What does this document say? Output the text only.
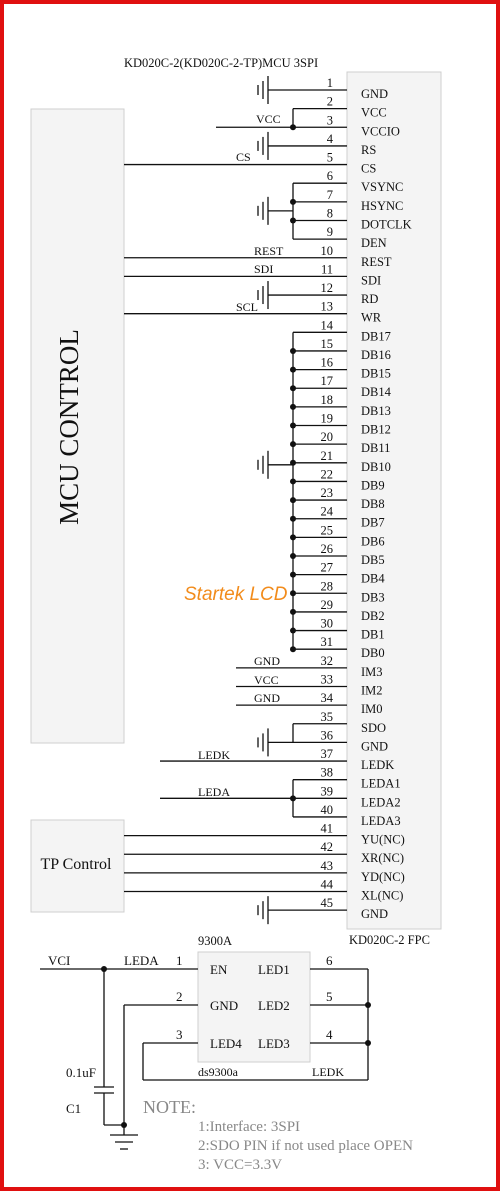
KD020C-2(KD020C-2-TP)MCU 3SPI
MCU CONTROL
TP Control
KD020C-2 FPC
1
GND
2
VCC
3
VCCIO
4
RS
5
CS
6
VSYNC
7
HSYNC
8
DOTCLK
9
DEN
10
REST
11
SDI
12
RD
13
WR
14
DB17
15
DB16
16
DB15
17
DB14
18
DB13
19
DB12
20
DB11
21
DB10
22
DB9
23
DB8
24
DB7
25
DB6
26
DB5
27
DB4
28
DB3
29
DB2
30
DB1
31
DB0
32
IM3
33
IM2
34
IM0
35
SDO
36
GND
37
LEDK
38
LEDA1
39
LEDA2
40
LEDA3
41
YU(NC)
42
XR(NC)
43
YD(NC)
44
XL(NC)
45
GND
VCC
CS
REST
SDI
SCL
GND
VCC
GND
LEDK
LEDA
Startek LCD
9300A
EN
GND
LED4
LED1
LED2
LED3
ds9300a	LEDK
VCI	LEDA 1
2
3
6
5
4
0.1uF
C1	NOTE:
1:Interface: 3SPI
2:SDO PIN if not used place OPEN
3: VCC=3.3V
